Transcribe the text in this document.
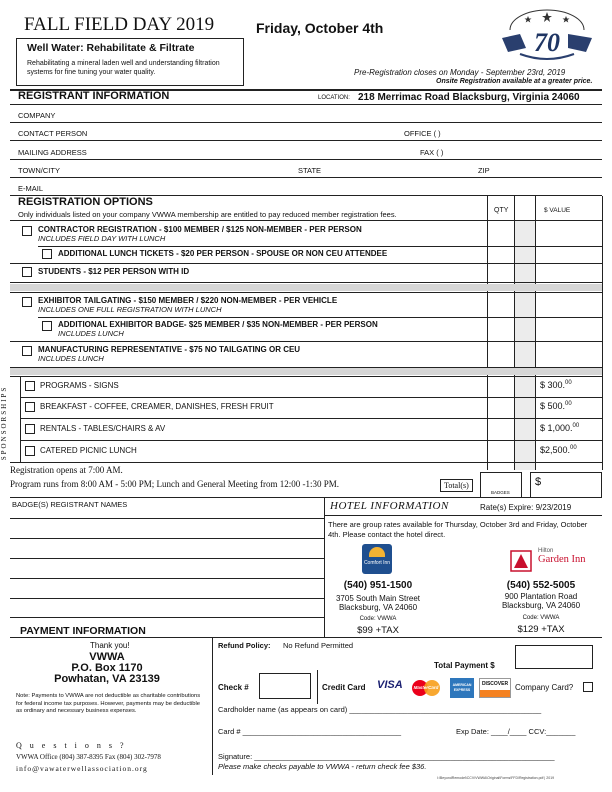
FALL FIELD DAY 2019	Friday, October 4th
Well Water: Rehabilitate & Filtrate
Rehabilitating a mineral laden well and understanding filtration systems for fine tuning your water quality.
70
Pre-Registration closes on Monday - September 23rd, 2019
Onsite Registration available at a greater price.
REGISTRANT INFORMATION	LOCATION: 218 Merrimac Road Blacksburg, Virginia 24060
COMPANY
CONTACT PERSON	OFFICE ( )
MAILING ADDRESS	FAX ( )
TOWN/CITY	STATE	ZIP
E-MAIL
REGISTRATION OPTIONS
Only individuals listed on your company VWWA membership are entitled to pay reduced member registration fees.	QTY	$ VALUE
CONTRACTOR REGISTRATION - $100 MEMBER / $125 NON-MEMBER - PER PERSON
INCLUDES FIELD DAY WITH LUNCH
ADDITIONAL LUNCH TICKETS - $20 PER PERSON - SPOUSE OR NON CEU ATTENDEE
STUDENTS - $12 PER PERSON WITH ID
EXHIBITOR TAILGATING - $150 MEMBER / $220 NON-MEMBER - PER VEHICLE
INCLUDES ONE FULL REGISTRATION WITH LUNCH
ADDITIONAL EXHIBITOR BADGE- $25 MEMBER / $35 NON-MEMBER - PER PERSON
INCLUDES LUNCH
MANUFACTURING REPRESENTATIVE - $75 NO TAILGATING OR CEU
INCLUDES LUNCH
SPONSORSHIPS
PROGRAMS - SIGNS	$ 300.00
BREAKFAST - COFFEE, CREAMER, DANISHES, FRESH FRUIT	$ 500.00
RENTALS - TABLES/CHAIRS & AV	$ 1,000.00
CATERED PICNIC LUNCH	$2,500.00
Registration opens at 7:00 AM.
Program runs from 8:00 AM - 5:00 PM; Lunch and General Meeting from 12:00 -1:30 PM.	Total(s)
BADGES
$
BADGE(S) REGISTRANT NAMES	HOTEL INFORMATION	Rate(s) Expire: 9/23/2019
There are group rates available for Thursday, October 3rd and Friday, October 4th. Please contact the hotel direct.
Comfort Inn
(540) 951-1500
3705 South Main Street
Blacksburg, VA 24060
Code: VWWA
$99 +TAX
Hilton
Garden Inn
(540) 552-5005
900 Plantation Road
Blacksburg, VA 24060
Code: VWWA
$129 +TAX
PAYMENT INFORMATION
Thank you!
VWWA
P.O. Box 1170
Powhatan, VA 23139
Note: Payments to VWWA are not deductible as charitable contributions for federal income tax purposes. However, payments may be deductible as ordinary and necessary business expenses.
Q u e s t i o n s ?
VWWA Office (804) 387-8395 Fax (804) 302-7978
info@vawaterwellassociation.org
Refund Policy: No Refund Permitted
Total Payment $
Check #	Credit Card VISA	MasterCard	AMERICAN EXPRESS
DISCOVER Company Card?
Cardholder name (as appears on card) ______________________________________________
Card # ______________________________________	Exp Date: ____/____ CCV:_______
Signature: ________________________________________________________________________
Please make checks payable to VWWA - return check fee $36.
I:\BeyondRemodel\CCV\VWWA\Original\Forms\FFD\Registration.pdf | 2019
